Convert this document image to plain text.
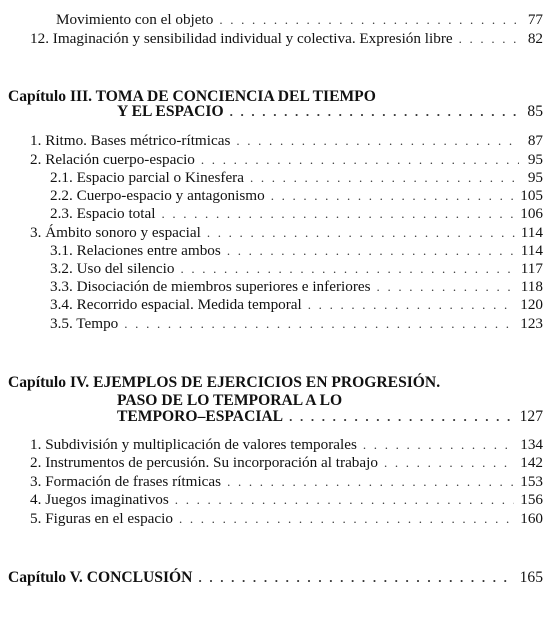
Movimiento con el objeto . . .	77
12. Imaginación y sensibilidad individual y colectiva. Expresión libre . . .	82
Capítulo III. TOMA DE CONCIENCIA DEL TIEMPO
Y EL ESPACIO . . .	85
1. Ritmo. Bases métrico-rítmicas . . .	87
2. Relación cuerpo-espacio . . .	95
2.1. Espacio parcial o Kinesfera . . .	95
2.2. Cuerpo-espacio y antagonismo . . .	105
2.3. Espacio total . . .	106
3. Ámbito sonoro y espacial . . .	114
3.1. Relaciones entre ambos . . .	114
3.2. Uso del silencio . . .	117
3.3. Disociación de miembros superiores e inferiores . . .	118
3.4. Recorrido espacial. Medida temporal . . .	120
3.5. Tempo . . .	123
Capítulo IV. EJEMPLOS DE EJERCICIOS EN PROGRESIÓN.
PASO DE LO TEMPORAL A LO
TEMPORO–ESPACIAL . . .	127
1. Subdivisión y multiplicación de valores temporales . . .	134
2. Instrumentos de percusión. Su incorporación al trabajo . . .	142
3. Formación de frases rítmicas . . .	153
4. Juegos imaginativos . . .	156
5. Figuras en el espacio . . .	160
Capítulo V. CONCLUSIÓN . . .	165
